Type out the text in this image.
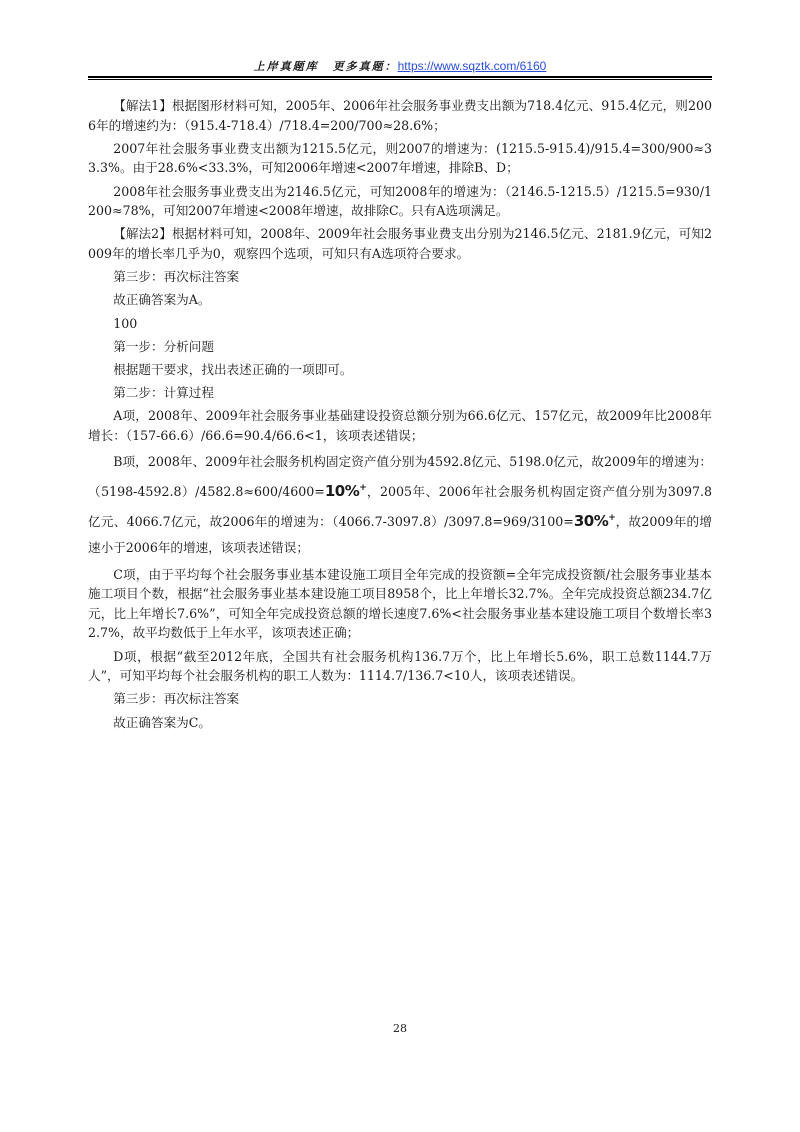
上岸真题库 更多真题：https://www.sqztk.com/6160

【解法1】根据图形材料可知，2005年、2006年社会服务事业费支出额为718.4亿元、915.4亿元，则2006年的增速约为：（915.4-718.4）/718.4=200/700≈28.6%；

2007年社会服务事业费支出额为1215.5亿元，则2007的增速为：(1215.5-915.4)/915.4=300/900≈33.3%。由于28.6%<33.3%，可知2006年增速<2007年增速，排除B、D；

2008年社会服务事业费支出为2146.5亿元，可知2008年的增速为：（2146.5-1215.5）/1215.5=930/1200≈78%，可知2007年增速<2008年增速，故排除C。只有A选项满足。

【解法2】根据材料可知，2008年、2009年社会服务事业费支出分别为2146.5亿元、2181.9亿元，可知2009年的增长率几乎为0，观察四个选项，可知只有A选项符合要求。

第三步：再次标注答案

故正确答案为A。

100

第一步：分析问题

根据题干要求，找出表述正确的一项即可。

第二步：计算过程

A项，2008年、2009年社会服务事业基础建设投资总额分别为66.6亿元、157亿元，故2009年比2008年增长：（157-66.6）/66.6=90.4/66.6<1，该项表述错误；

B项，2008年、2009年社会服务机构固定资产值分别为4592.8亿元、5198.0亿元，故2009年的增速为：（5198-4592.8）/4582.8≈600/4600=10%+，2005年、2006年社会服务机构固定资产值分别为3097.8亿元、4066.7亿元，故2006年的增速为：（4066.7-3097.8）/3097.8=969/3100=30%+，故2009年的增速小于2006年的增速，该项表述错误；

C项，由于平均每个社会服务事业基本建设施工项目全年完成的投资额=全年完成投资额/社会服务事业基本施工项目个数，根据“社会服务事业基本建设施工项目8958个，比上年增长32.7%。全年完成投资总额234.7亿元，比上年增长7.6%”，可知全年完成投资总额的增长速度7.6%<社会服务事业基本建设施工项目个数增长率32.7%，故平均数低于上年水平，该项表述正确；

D项，根据“截至2012年底，全国共有社会服务机构136.7万个，比上年增长5.6%，职工总数1144.7万人”，可知平均每个社会服务机构的职工人数为：1114.7/136.7<10人，该项表述错误。

第三步：再次标注答案

故正确答案为C。

28
